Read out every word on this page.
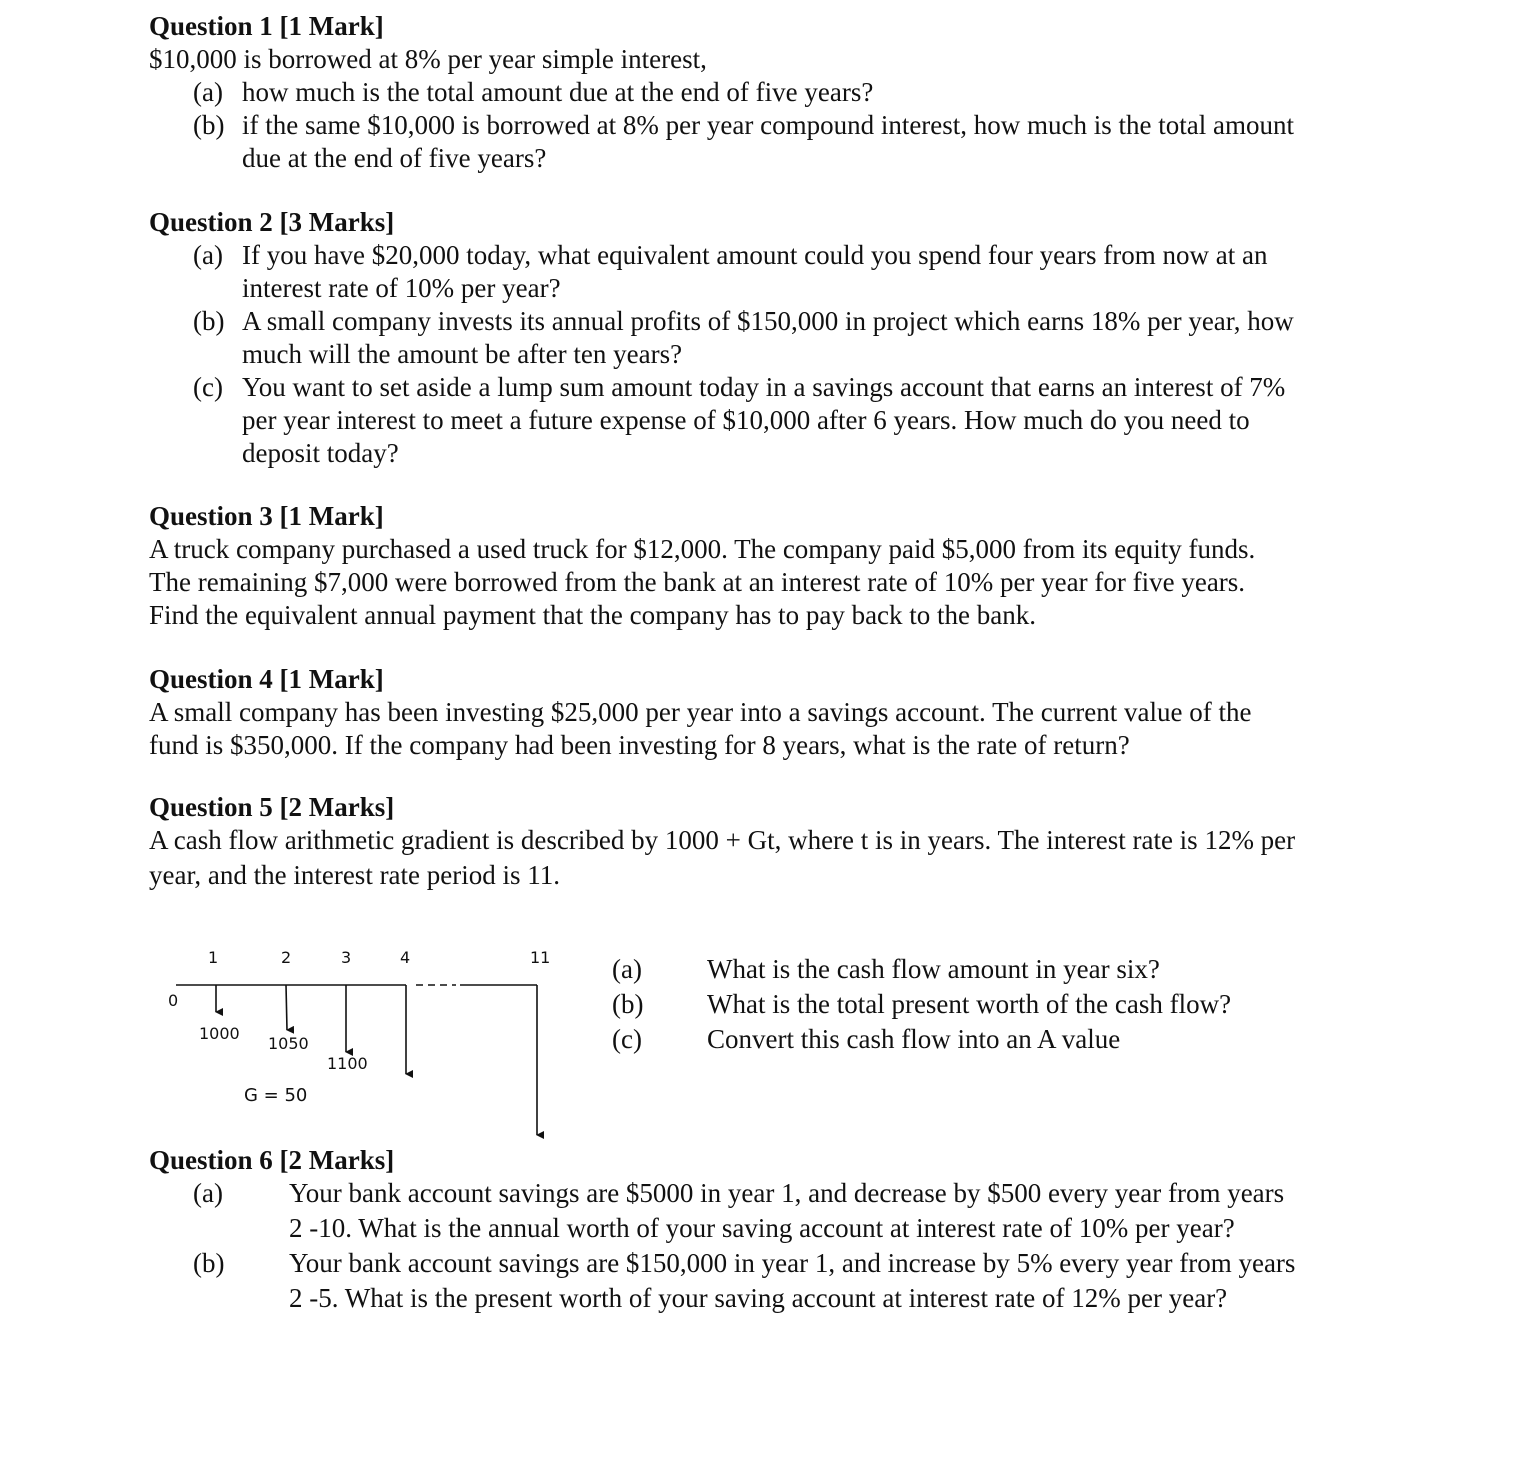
Question 1 [1 Mark]
$10,000 is borrowed at 8% per year simple interest,
(a) how much is the total amount due at the end of five years?
(b) if the same $10,000 is borrowed at 8% per year compound interest, how much is the total amount
due at the end of five years?
Question 2 [3 Marks]
(a) If you have $20,000 today, what equivalent amount could you spend four years from now at an
interest rate of 10% per year?
(b) A small company invests its annual profits of $150,000 in project which earns 18% per year, how
much will the amount be after ten years?
(c) You want to set aside a lump sum amount today in a savings account that earns an interest of 7%
per year interest to meet a future expense of $10,000 after 6 years. How much do you need to
deposit today?
Question 3 [1 Mark]
A truck company purchased a used truck for $12,000. The company paid $5,000 from its equity funds.
The remaining $7,000 were borrowed from the bank at an interest rate of 10% per year for five years.
Find the equivalent annual payment that the company has to pay back to the bank.
Question 4 [1 Mark]
A small company has been investing $25,000 per year into a savings account. The current value of the
fund is $350,000. If the company had been investing for 8 years, what is the rate of return?
Question 5 [2 Marks]
A cash flow arithmetic gradient is described by 1000 + Gt, where t is in years. The interest rate is 12% per
year, and the interest rate period is 11.
0
1	2	3	4	11
1000
1050
1100
G = 50
(a) What is the cash flow amount in year six?
(b) What is the total present worth of the cash flow?
(c) Convert this cash flow into an A value
Question 6 [2 Marks]
(a) Your bank account savings are $5000 in year 1, and decrease by $500 every year from years
2 -10. What is the annual worth of your saving account at interest rate of 10% per year?
(b) Your bank account savings are $150,000 in year 1, and increase by 5% every year from years
2 -5. What is the present worth of your saving account at interest rate of 12% per year?
